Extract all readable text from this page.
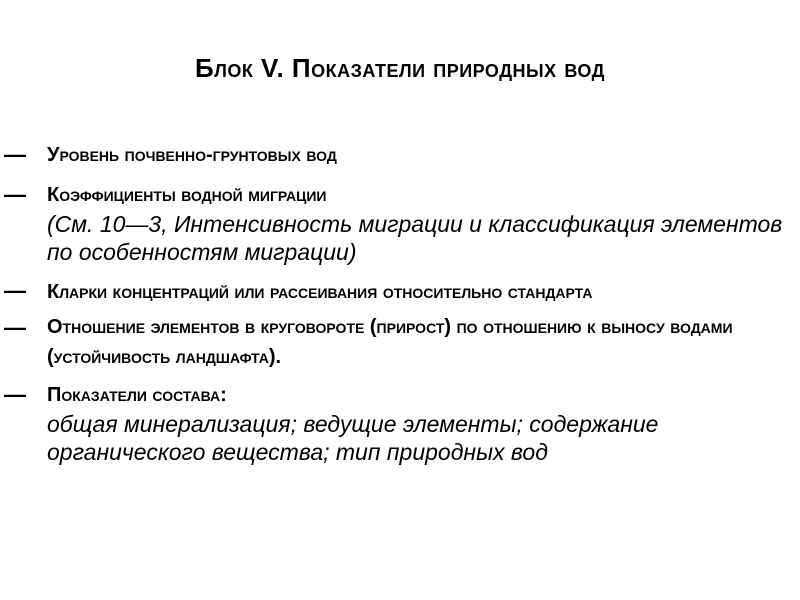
Блок V. Показатели природных вод
— Уровень почвенно-грунтовых вод
— Коэффициенты водной миграции
(См. 10—3, Интенсивность миграции и классификация элементов по особенностям миграции)
— Кларки концентраций или рассеивания относительно стандарта
— Отношение элементов в круговороте (прирост) по отношению к выносу водами (устойчивость ландшафта).
— Показатели состава:
общая минерализация; ведущие элементы; содержание органического вещества; тип природных вод
